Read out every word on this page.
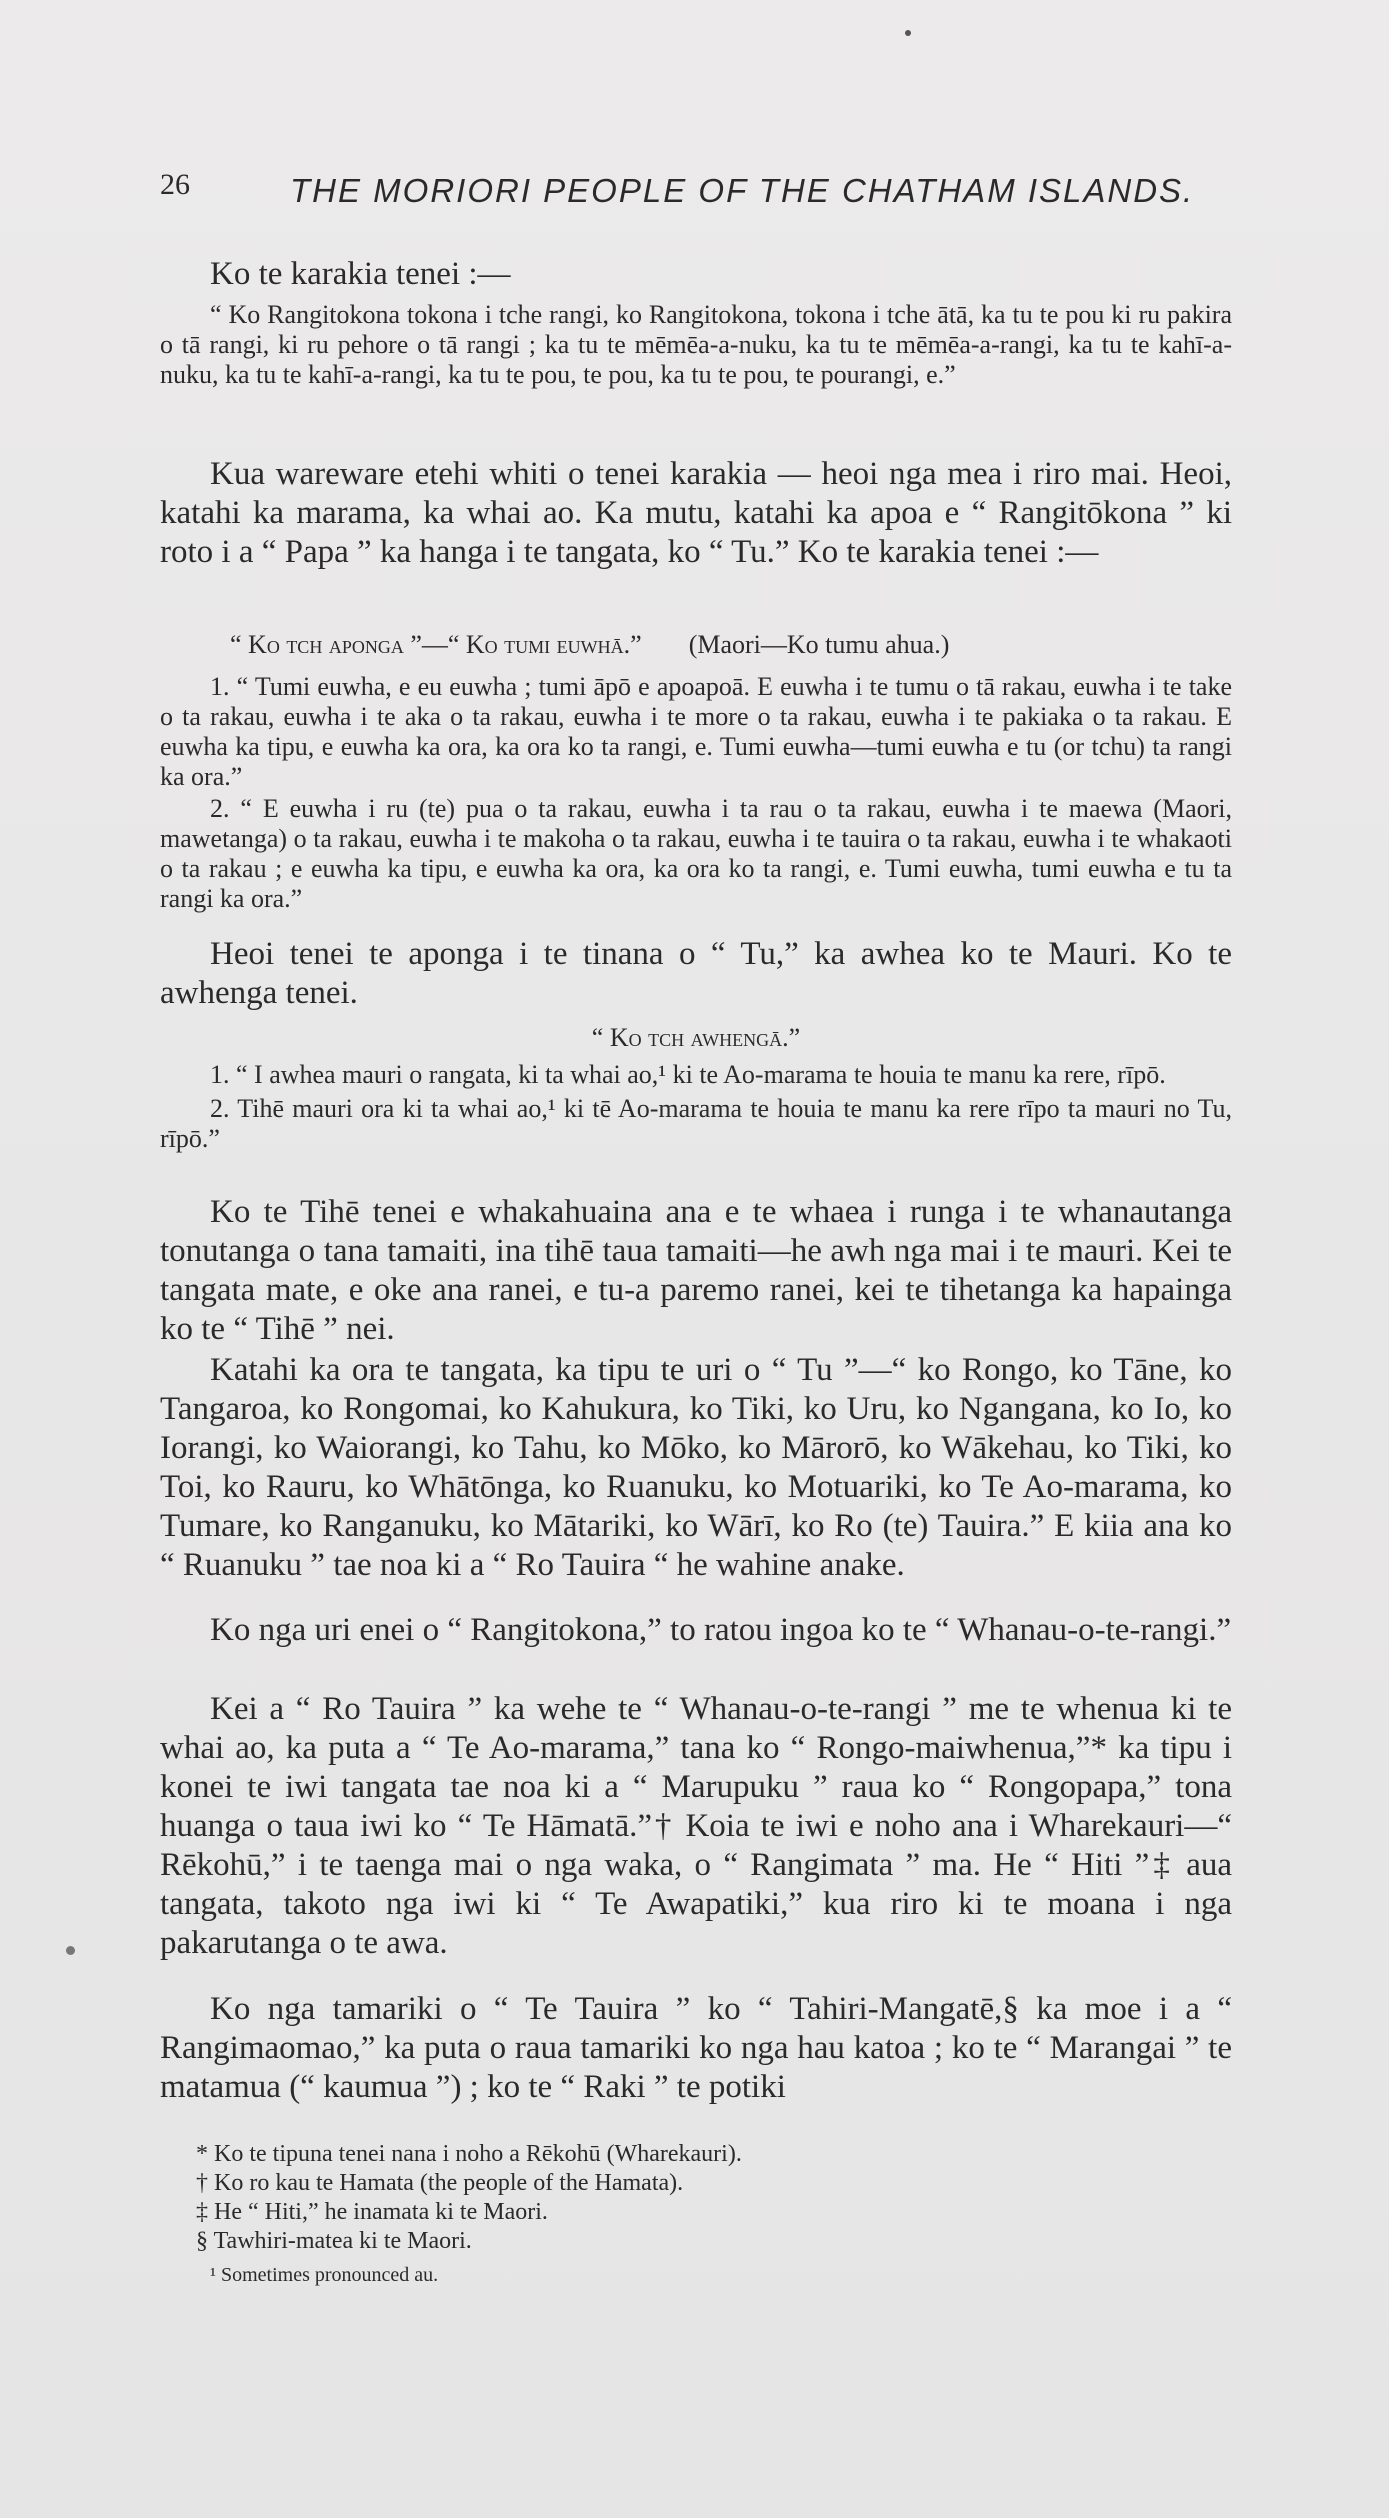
26	THE MORIORI PEOPLE OF THE CHATHAM ISLANDS.

Ko te karakia tenei :—

“ Ko Rangitokona tokona i tche rangi, ko Rangitokona, tokona i tche ātā, ka tu te pou ki ru pakira o tā rangi, ki ru pehore o tā rangi ; ka tu te mēmēa-a-nuku, ka tu te mēmēa-a-rangi, ka tu te kahī-a-nuku, ka tu te kahī-a-rangi, ka tu te pou, te pou, ka tu te pou, te pourangi, e.”

Kua wareware etehi whiti o tenei karakia — heoi nga mea i riro mai. Heoi, katahi ka marama, ka whai ao. Ka mutu, katahi ka apoa e “ Rangitōkona ” ki roto i a “ Papa ” ka hanga i te tangata, ko “ Tu.” Ko te karakia tenei :—

“ Ko tch aponga ”—“ Ko tumi euwhā.” (Maori—Ko tumu ahua.)

1. “ Tumi euwha, e eu euwha ; tumi āpō e apoapoā. E euwha i te tumu o tā rakau, euwha i te take o ta rakau, euwha i te aka o ta rakau, euwha i te more o ta rakau, euwha i te pakiaka o ta rakau. E euwha ka tipu, e euwha ka ora, ka ora ko ta rangi, e. Tumi euwha—tumi euwha e tu (or tchu) ta rangi ka ora.”

2. “ E euwha i ru (te) pua o ta rakau, euwha i ta rau o ta rakau, euwha i te maewa (Maori, mawetanga) o ta rakau, euwha i te makoha o ta rakau, euwha i te tauira o ta rakau, euwha i te whakaoti o ta rakau ; e euwha ka tipu, e euwha ka ora, ka ora ko ta rangi, e. Tumi euwha, tumi euwha e tu ta rangi ka ora.”

Heoi tenei te aponga i te tinana o “ Tu,” ka awhea ko te Mauri. Ko te awhenga tenei.

“ Ko tch awhengā.”

1. “ I awhea mauri o rangata, ki ta whai ao,¹ ki te Ao-marama te houia te manu ka rere, rīpō.

2. Tihē mauri ora ki ta whai ao,¹ ki tē Ao-marama te houia te manu ka rere rīpo ta mauri no Tu, rīpō.”

Ko te Tihē tenei e whakahuaina ana e te whaea i runga i te whanautanga tonutanga o tana tamaiti, ina tihē taua tamaiti—he awh nga mai i te mauri. Kei te tangata mate, e oke ana ranei, e tu-a paremo ranei, kei te tihetanga ka hapainga ko te “ Tihē ” nei.

Katahi ka ora te tangata, ka tipu te uri o “ Tu ”—“ ko Rongo, ko Tāne, ko Tangaroa, ko Rongomai, ko Kahukura, ko Tiki, ko Uru, ko Ngangana, ko Io, ko Iorangi, ko Waiorangi, ko Tahu, ko Mōko, ko Mārorō, ko Wākehau, ko Tiki, ko Toi, ko Rauru, ko Whātōnga, ko Ruanuku, ko Motuariki, ko Te Ao-marama, ko Tumare, ko Ranganuku, ko Mātariki, ko Wārī, ko Ro (te) Tauira.” E kiia ana ko “ Ruanuku ” tae noa ki a “ Ro Tauira “ he wahine anake.

Ko nga uri enei o “ Rangitokona,” to ratou ingoa ko te “ Whanau-o-te-rangi.”

Kei a “ Ro Tauira ” ka wehe te “ Whanau-o-te-rangi ” me te whenua ki te whai ao, ka puta a “ Te Ao-marama,” tana ko “ Rongo-maiwhenua,”* ka tipu i konei te iwi tangata tae noa ki a “ Marupuku ” raua ko “ Rongopapa,” tona huanga o taua iwi ko “ Te Hāmatā.”† Koia te iwi e noho ana i Wharekauri—“ Rēkohū,” i te taenga mai o nga waka, o “ Rangimata ” ma. He “ Hiti ”‡ aua tangata, takoto nga iwi ki “ Te Awapatiki,” kua riro ki te moana i nga pakarutanga o te awa.

Ko nga tamariki o “ Te Tauira ” ko “ Tahiri-Mangatē,§ ka moe i a “ Rangimaomao,” ka puta o raua tamariki ko nga hau katoa ; ko te “ Marangai ” te matamua (“ kaumua ”) ; ko te “ Raki ” te potiki

* Ko te tipuna tenei nana i noho a Rēkohū (Wharekauri).

† Ko ro kau te Hamata (the people of the Hamata).

‡ He “ Hiti,” he inamata ki te Maori.

§ Tawhiri-matea ki te Maori.

¹ Sometimes pronounced au.
